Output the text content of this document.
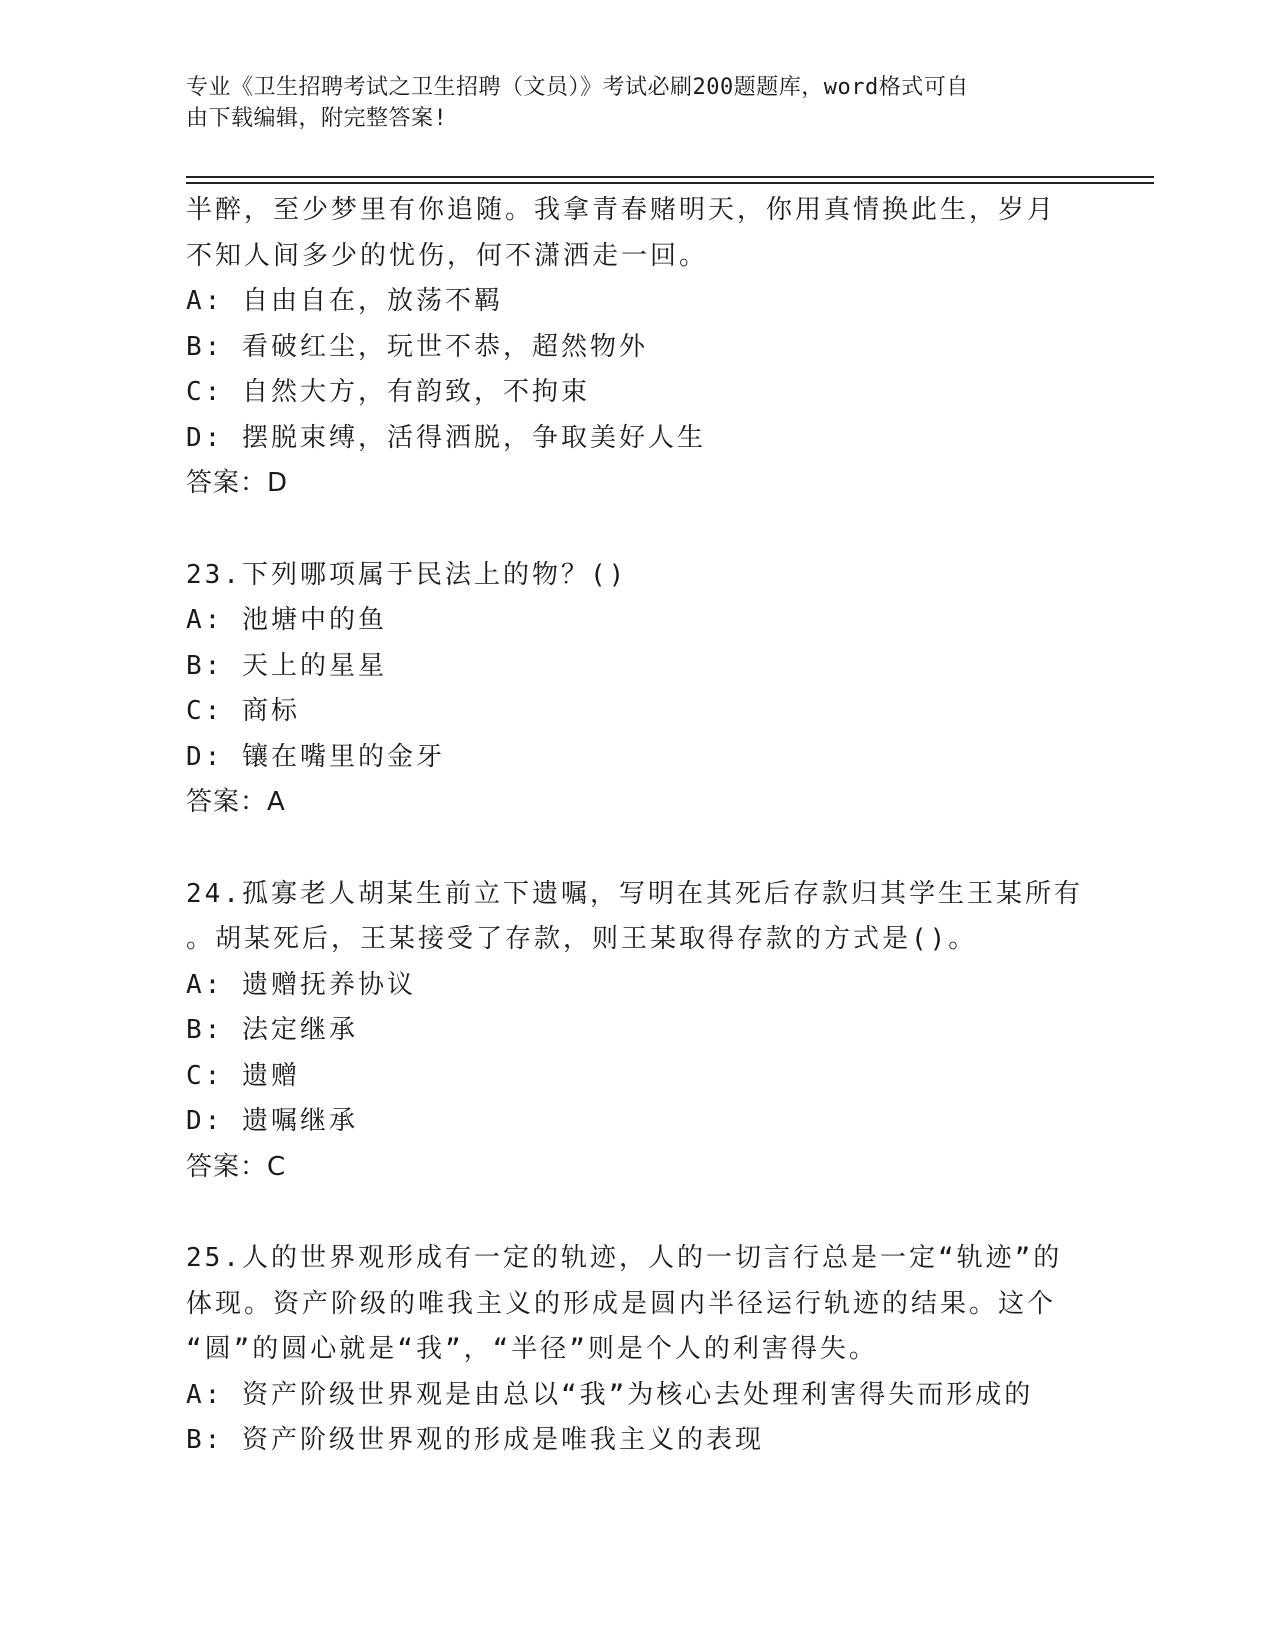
专业《卫生招聘考试之卫生招聘（文员）》考试必刷200题题库，word格式可自
由下载编辑，附完整答案!
半醉，至少梦里有你追随。我拿青春赌明天，你用真情换此生，岁月
不知人间多少的忧伤，何不潇洒走一回。
A: 自由自在，放荡不羁
B: 看破红尘，玩世不恭，超然物外
C: 自然大方，有韵致，不拘束
D: 摆脱束缚，活得洒脱，争取美好人生
答案：D
23.下列哪项属于民法上的物？()
A: 池塘中的鱼
B: 天上的星星
C: 商标
D: 镶在嘴里的金牙
答案：A
24.孤寡老人胡某生前立下遗嘱，写明在其死后存款归其学生王某所有
。胡某死后，王某接受了存款，则王某取得存款的方式是()。
A: 遗赠抚养协议
B: 法定继承
C: 遗赠
D: 遗嘱继承
答案：C
25.人的世界观形成有一定的轨迹，人的一切言行总是一定“轨迹”的
体现。资产阶级的唯我主义的形成是圆内半径运行轨迹的结果。这个
“圆”的圆心就是“我”，“半径”则是个人的利害得失。
A: 资产阶级世界观是由总以“我”为核心去处理利害得失而形成的
B: 资产阶级世界观的形成是唯我主义的表现
